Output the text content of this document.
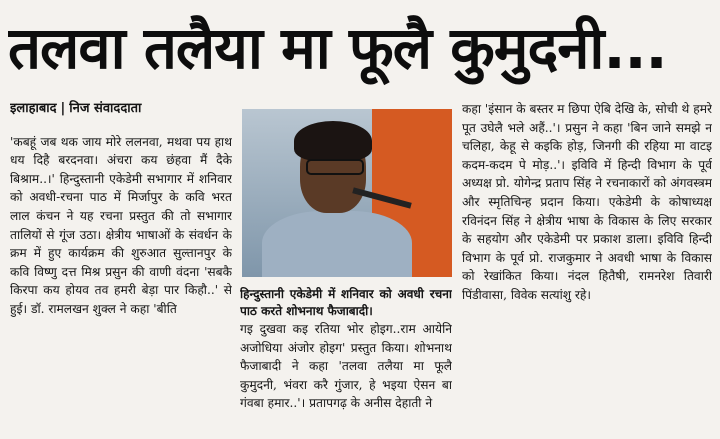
तलवा तलैया मा फूलै कुमुदनी...
इलाहाबाद | निज संवाददाता

'कबहूं जब थक जाय मोरे ललनवा, मथवा पय हाथ धय दिहै बरदनवा। अंचरा कय छंहवा मैं दैके बिश्राम..।' हिन्दुस्तानी एकेडेमी सभागार में शनिवार को अवधी-रचना पाठ में मिर्जापुर के कवि भरत लाल कंचन ने यह रचना प्रस्तुत की तो सभागार तालियों से गूंज उठा। क्षेत्रीय भाषाओं के संवर्धन के क्रम में हुए कार्यक्रम की शुरुआत सुल्तानपुर के कवि विष्णु दत्त मिश्र प्रसुन की वाणी वंदना 'सबकै किरपा कय होयव तव हमरी बेड़ा पार किहौ..' से हुई। डॉ. रामलखन शुक्ल ने कहा 'बीति

हिन्दुस्तानी एकेडेमी में शनिवार को अवधी रचना पाठ करते शोभनाथ फैजाबादी।

गइ दुखवा कइ रतिया भोर होइग..राम आयेनि अजोधिया अंजोर होइग' प्रस्तुत किया। शोभनाथ फैजाबादी ने कहा 'तलवा तलैया मा फूलै कुमुदनी, भंवरा करै गुंजार, हे भइया ऐसन बा गंवबा हमार..'। प्रतापगढ़ के अनीस देहाती ने

कहा 'इंसान के बस्तर म छिपा ऐबि देखि के, सोची थे हमरे पूत उघेलै भले अहैं..'। प्रसुन ने कहा 'बिन जाने समझे न चलिहा, केहू से कइकि होड़, जिनगी की रहिया मा वाटइ कदम-कदम पे मोड़..'। इविवि में हिन्दी विभाग के पूर्व अध्यक्ष प्रो. योगेन्द्र प्रताप सिंह ने रचनाकारों को अंगवस्त्रम और स्मृतिचिन्ह प्रदान किया। एकेडेमी के कोषाध्यक्ष रविनंदन सिंह ने क्षेत्रीय भाषा के विकास के लिए सरकार के सहयोग और एकेडेमी पर प्रकाश डाला। इविवि हिन्दी विभाग के पूर्व प्रो. राजकुमार ने अवधी भाषा के विकास को रेखांकित किया। नंदल हितैषी, रामनरेश तिवारी पिंडीवासा, विवेक सत्यांशु रहे।
